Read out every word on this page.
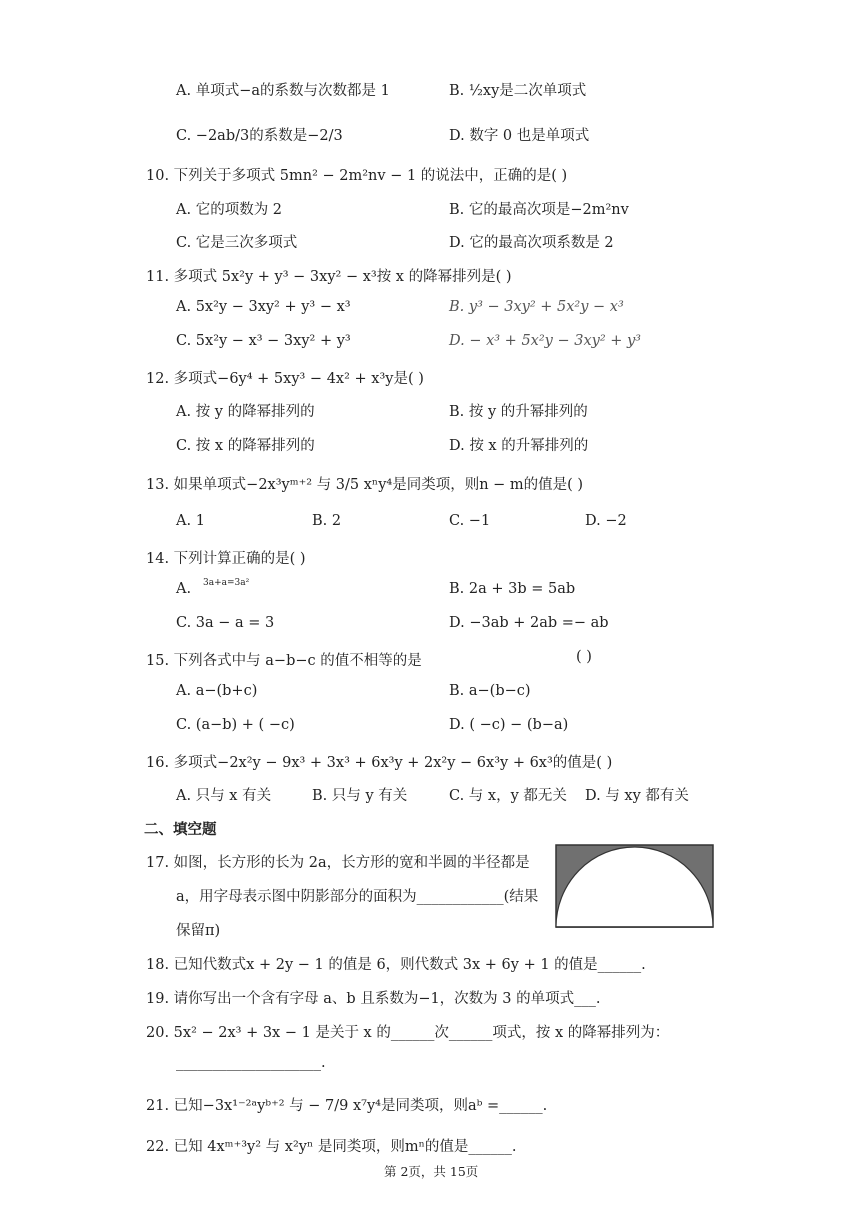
A. 单项式−a的系数与次数都是 1	B. ½xy是二次单项式
C. −2ab/3的系数是−2/3	D. 数字 0 也是单项式
10. 下列关于多项式 5mn² − 2m²nv − 1 的说法中，正确的是( )
A. 它的项数为 2	B. 它的最高次项是−2m²nv
C. 它是三次多项式	D. 它的最高次项系数是 2
11. 多项式 5x²y + y³ − 3xy² − x³按 x 的降幂排列是( )
A. 5x²y − 3xy² + y³ − x³	B. y³ − 3xy² + 5x²y − x³
C. 5x²y − x³ − 3xy² + y³	D. − x³ + 5x²y − 3xy² + y³
12. 多项式−6y⁴ + 5xy³ − 4x² + x³y是( )
A. 按 y 的降幂排列的	B. 按 y 的升幂排列的
C. 按 x 的降幂排列的	D. 按 x 的升幂排列的
13. 如果单项式−2x³yᵐ⁺² 与 3/5 xⁿy⁴是同类项，则n − m的值是( )
A. 1	B. 2	C. −1	D. −2
14. 下列计算正确的是( )
A. 3a+a=3a²	B. 2a + 3b = 5ab
C. 3a − a = 3	D. −3ab + 2ab =− ab
15. 下列各式中与 a−b−c 的值不相等的是	( )
A. a−(b+c)	B. a−(b−c)
C. (a−b) + ( −c)	D. ( −c) − (b−a)
16. 多项式−2x²y − 9x³ + 3x³ + 6x³y + 2x²y − 6x³y + 6x³的值是( )
A. 只与 x 有关	B. 只与 y 有关	C. 与 x，y 都无关 D. 与 xy 都有关
二、填空题
17. 如图，长方形的长为 2a，长方形的宽和半圆的半径都是
a，用字母表示图中阴影部分的面积为____________(结果
保留π)
18. 已知代数式x + 2y − 1 的值是 6，则代数式 3x + 6y + 1 的值是______.
19. 请你写出一个含有字母 a、b 且系数为−1，次数为 3 的单项式___.
20. 5x² − 2x³ + 3x − 1 是关于 x 的______次______项式，按 x 的降幂排列为：
____________________.
21. 已知−3x¹⁻²ᵃyᵇ⁺² 与 − 7/9 x⁷y⁴是同类项，则aᵇ =______.
22. 已知 4xᵐ⁺³y² 与 x²yⁿ 是同类项，则mⁿ的值是______.
第 2页，共 15页
